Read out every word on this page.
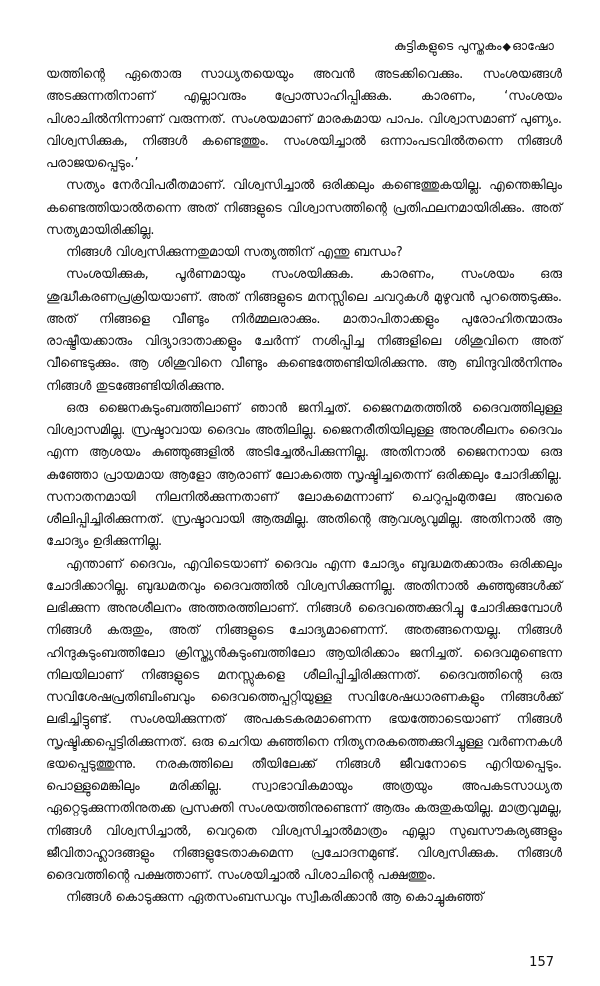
കുട്ടികളുടെ പുസ്തകം◆ഓഷോ

യത്തിന്റെ ഏതൊരു സാധ്യതയെയും അവൻ അടക്കിവെക്കും. സംശയങ്ങൾ അടക്കുന്നതിനാണ് എല്ലാവരും പ്രോത്സാഹിപ്പിക്കുക. കാരണം, ‘സംശയം പിശാചിൽനിന്നാണ് വരുന്നത്. സംശയമാണ് മാരകമായ പാപം. വിശ്വാസമാണ് പുണ്യം. വിശ്വസിക്കുക, നിങ്ങൾ കണ്ടെത്തും. സംശയിച്ചാൽ ഒന്നാംപടവിൽതന്നെ നിങ്ങൾ പരാജയപ്പെടും.’

സത്യം നേർവിപരീതമാണ്. വിശ്വസിച്ചാൽ ഒരിക്കലും കണ്ടെത്തുകയില്ല. എന്തെങ്കിലും കണ്ടെത്തിയാൽതന്നെ അത് നിങ്ങളുടെ വിശ്വാസത്തിന്റെ പ്രതിഫലനമായിരിക്കും. അത് സത്യമായിരിക്കില്ല.

നിങ്ങൾ വിശ്വസിക്കുന്നതുമായി സത്യത്തിന് എന്തു ബന്ധം?

സംശയിക്കുക, പൂർണമായും സംശയിക്കുക. കാരണം, സംശയം ഒരു ശുദ്ധീകരണപ്രക്രിയയാണ്. അത് നിങ്ങളുടെ മനസ്സിലെ ചവറുകൾ മുഴുവൻ പുറത്തെടുക്കും. അത് നിങ്ങളെ വീണ്ടും നിർമ്മലരാക്കും. മാതാപിതാക്കളും പുരോഹിതന്മാരും രാഷ്ട്രീയക്കാരും വിദ്യാദാതാക്കളും ചേർന്ന് നശിപ്പിച്ച നിങ്ങളിലെ ശിശുവിനെ അത് വീണ്ടെടുക്കും. ആ ശിശുവിനെ വീണ്ടും കണ്ടെത്തേണ്ടിയിരിക്കുന്നു. ആ ബിന്ദുവിൽനിന്നും നിങ്ങൾ തുടങ്ങേണ്ടിയിരിക്കുന്നു.

ഒരു ജൈനകുടുംബത്തിലാണ് ഞാൻ ജനിച്ചത്. ജൈനമതത്തിൽ ദൈവത്തിലുള്ള വിശ്വാസമില്ല. സ്രഷ്ടാവായ ദൈവം അതിലില്ല. ജൈനരീതിയിലുള്ള അനുശീലനം ദൈവം എന്ന ആശയം കുഞ്ഞുങ്ങളിൽ അടിച്ചേൽപിക്കുന്നില്ല. അതിനാൽ ജൈനനായ ഒരു കുഞ്ഞോ പ്രായമായ ആളോ ആരാണ് ലോകത്തെ സൃഷ്ടിച്ചതെന്ന് ഒരിക്കലും ചോദിക്കില്ല. സനാതനമായി നിലനിൽക്കുന്നതാണ് ലോകമെന്നാണ് ചെറുപ്പംമുതലേ അവരെ ശീലിപ്പിച്ചിരിക്കുന്നത്. സ്രഷ്ടാവായി ആരുമില്ല. അതിന്റെ ആവശ്യവുമില്ല. അതിനാൽ ആ ചോദ്യം ഉദിക്കുന്നില്ല.

എന്താണ് ദൈവം, എവിടെയാണ് ദൈവം എന്ന ചോദ്യം ബുദ്ധമതക്കാരും ഒരിക്കലും ചോദിക്കാറില്ല. ബുദ്ധമതവും ദൈവത്തിൽ വിശ്വസിക്കുന്നില്ല. അതിനാൽ കുഞ്ഞുങ്ങൾക്ക് ലഭിക്കുന്ന അനുശീലനം അത്തരത്തിലാണ്. നിങ്ങൾ ദൈവത്തെക്കുറിച്ചു ചോദിക്കുമ്പോൾ നിങ്ങൾ കരുതും, അത് നിങ്ങളുടെ ചോദ്യമാണെന്ന്. അതങ്ങനെയല്ല. നിങ്ങൾ ഹിന്ദുകുടുംബത്തിലോ ക്രിസ്ത്യൻകുടുംബത്തിലോ ആയിരിക്കാം ജനിച്ചത്. ദൈവമുണ്ടെന്ന നിലയിലാണ് നിങ്ങളുടെ മനസ്സുകളെ ശീലിപ്പിച്ചിരിക്കുന്നത്. ദൈവത്തിന്റെ ഒരു സവിശേഷപ്രതിബിംബവും ദൈവത്തെപ്പറ്റിയുള്ള സവിശേഷധാരണകളും നിങ്ങൾക്ക് ലഭിച്ചിട്ടുണ്ട്. സംശയിക്കുന്നത് അപകടകരമാണെന്ന ഭയത്തോടെയാണ് നിങ്ങൾ സൃഷ്ടിക്കപ്പെട്ടിരിക്കുന്നത്. ഒരു ചെറിയ കുഞ്ഞിനെ നിത്യനരകത്തെക്കുറിച്ചുള്ള വർണനകൾ ഭയപ്പെടുത്തുന്നു. നരകത്തിലെ തീയിലേക്ക് നിങ്ങൾ ജീവനോടെ എറിയപ്പെടും. പൊള്ളുമെങ്കിലും മരിക്കില്ല. സ്വാഭാവികമായും അത്രയും അപകടസാധ്യത ഏറ്റെടുക്കുന്നതിനുതക്ക പ്രസക്തി സംശയത്തിനുണ്ടെന്ന് ആരും കരുതുകയില്ല. മാത്രവുമല്ല, നിങ്ങൾ വിശ്വസിച്ചാൽ, വെറുതെ വിശ്വസിച്ചാൽമാത്രം എല്ലാ സുഖസൗകര്യങ്ങളും ജീവിതാഹ്ലാദങ്ങളും നിങ്ങളുടേതാകുമെന്ന പ്രചോദനമുണ്ട്. വിശ്വസിക്കുക. നിങ്ങൾ ദൈവത്തിന്റെ പക്ഷത്താണ്. സംശയിച്ചാൽ പിശാചിന്റെ പക്ഷത്തും.

നിങ്ങൾ കൊടുക്കുന്ന ഏതസംബന്ധവും സ്വീകരിക്കാൻ ആ കൊച്ചുകുഞ്ഞ്

157
